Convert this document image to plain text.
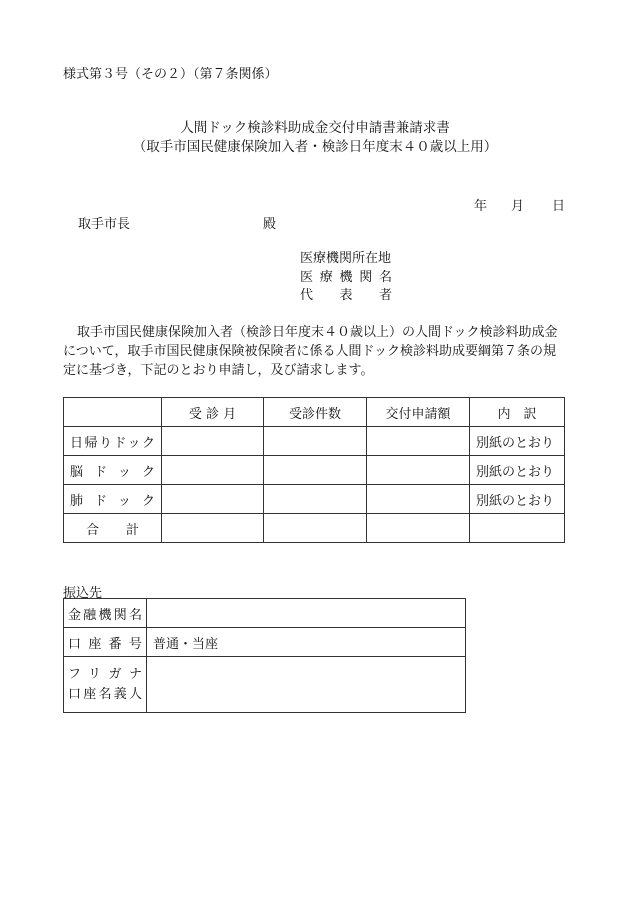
様式第３号（その２）（第７条関係）
人間ドック検診料助成金交付申請書兼請求書
（取手市国民健康保険加入者・検診日年度末４０歳以上用）
年 月 日
取手市長	殿
医療機関所在地
医療機関名
代表者
取手市国民健康保険加入者（検診日年度末４０歳以上）の人間ドック検診料助成金について，取手市国民健康保険被保険者に係る人間ドック検診料助成要綱第７条の規定に基づき，下記のとおり申請し，及び請求します。
	受 診 月	受診件数	交付申請額	内　訳

日帰りドック				別紙のとおり

脳ドック				別紙のとおり

肺ドック				別紙のとおり

合計				

振込先
金融機関名	

口座番号	普通・当座

フリガナ
口座名義人	
